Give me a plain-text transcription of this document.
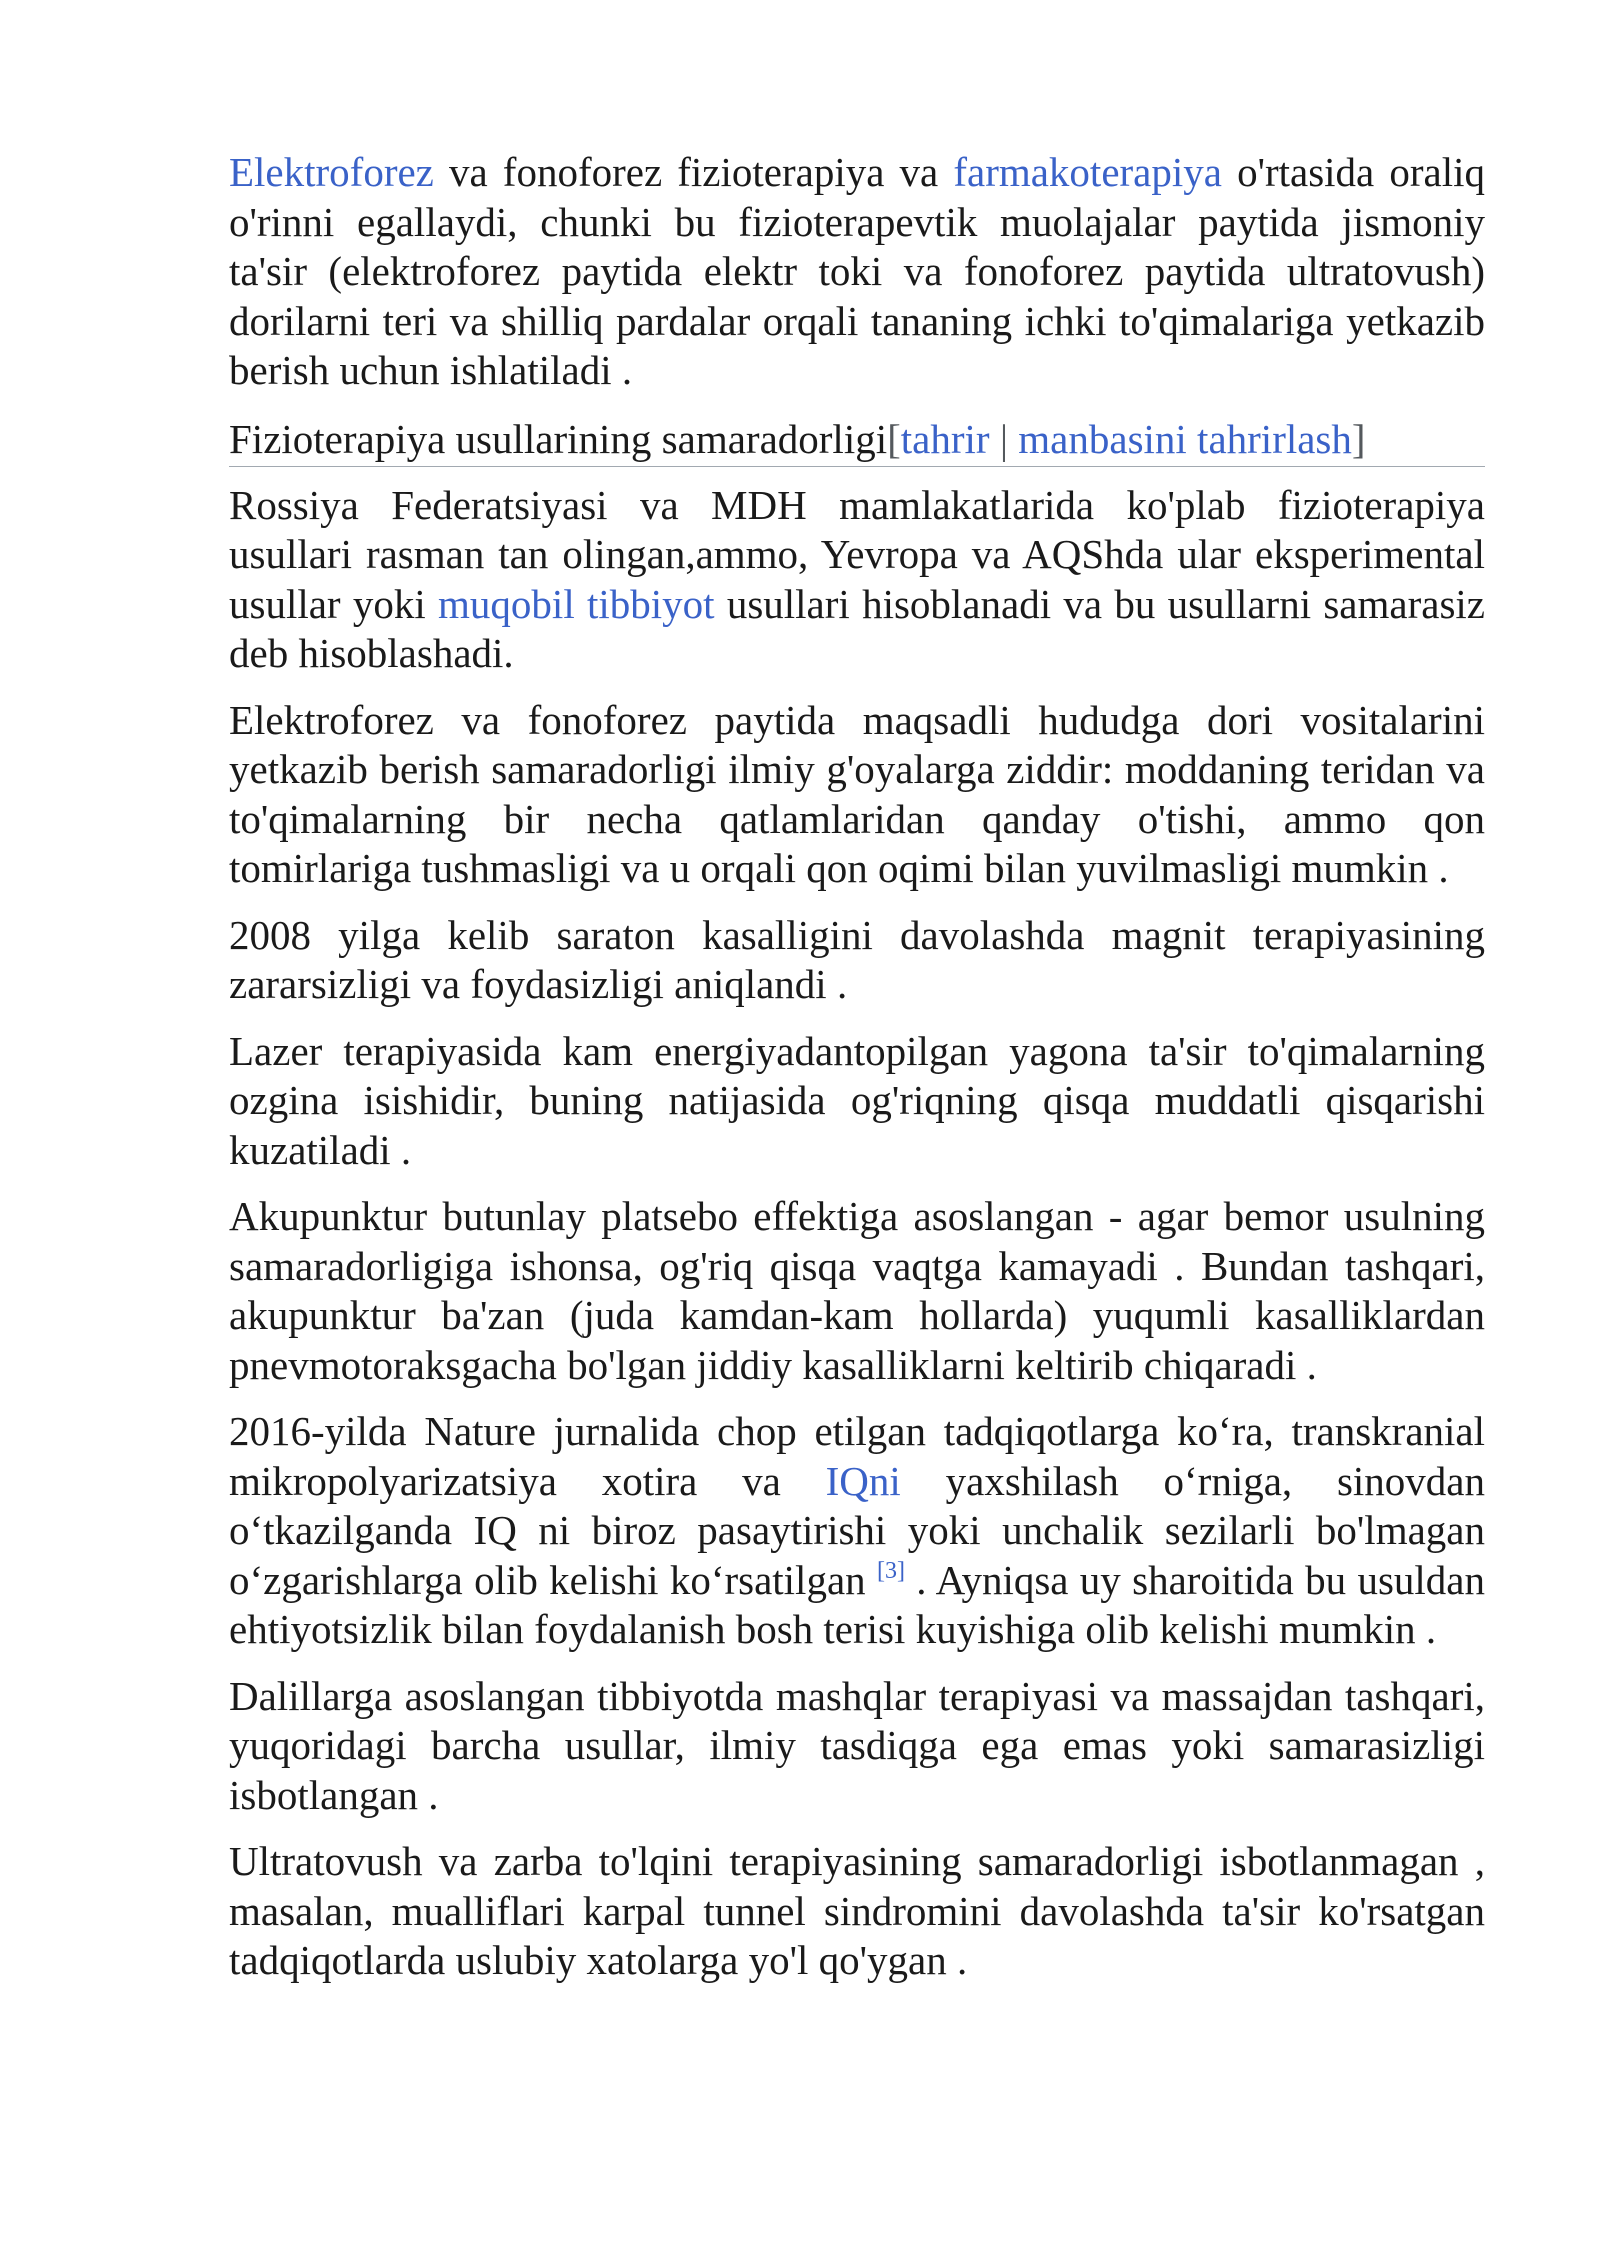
Elektroforez va fonoforez fizioterapiya va farmakoterapiya o'rtasida oraliq o'rinni egallaydi, chunki bu fizioterapevtik muolajalar paytida jismoniy ta'sir (elektroforez paytida elektr toki va fonoforez paytida ultratovush) dorilarni teri va shilliq pardalar orqali tananing ichki to'qimalariga yetkazib berish uchun ishlatiladi .

Fizioterapiya usullarining samaradorligi[tahrir | manbasini tahrirlash]

Rossiya Federatsiyasi va MDH mamlakatlarida ko'plab fizioterapiya usullari rasman tan olingan,ammo, Yevropa va AQShda ular eksperimental usullar yoki muqobil tibbiyot usullari hisoblanadi va bu usullarni samarasiz deb hisoblashadi.

Elektroforez va fonoforez paytida maqsadli hududga dori vositalarini yetkazib berish samaradorligi ilmiy g'oyalarga ziddir: moddaning teridan va to'qimalarning bir necha qatlamlaridan qanday o'tishi, ammo qon tomirlariga tushmasligi va u orqali qon oqimi bilan yuvilmasligi mumkin .

2008 yilga kelib saraton kasalligini davolashda magnit terapiyasining zararsizligi va foydasizligi aniqlandi .

Lazer terapiyasida kam energiyadantopilgan yagona ta'sir to'qimalarning ozgina isishidir, buning natijasida og'riqning qisqa muddatli qisqarishi kuzatiladi .

Akupunktur butunlay platsebo effektiga asoslangan - agar bemor usulning samaradorligiga ishonsa, og'riq qisqa vaqtga kamayadi . Bundan tashqari, akupunktur ba'zan (juda kamdan-kam hollarda) yuqumli kasalliklardan pnevmotoraksgacha bo'lgan jiddiy kasalliklarni keltirib chiqaradi .

2016-yilda Nature jurnalida chop etilgan tadqiqotlarga ko‘ra, transkranial mikropolyarizatsiya xotira va IQni yaxshilash o‘rniga, sinovdan o‘tkazilganda IQ ni biroz pasaytirishi yoki unchalik sezilarli bo'lmagan o‘zgarishlarga olib kelishi ko‘rsatilgan [3] . Ayniqsa uy sharoitida bu usuldan ehtiyotsizlik bilan foydalanish bosh terisi kuyishiga olib kelishi mumkin .

Dalillarga asoslangan tibbiyotda mashqlar terapiyasi va massajdan tashqari, yuqoridagi barcha usullar, ilmiy tasdiqga ega emas yoki samarasizligi isbotlangan .

Ultratovush va zarba to'lqini terapiyasining samaradorligi isbotlanmagan , masalan, mualliflari karpal tunnel sindromini davolashda ta'sir ko'rsatgan tadqiqotlarda uslubiy xatolarga yo'l qo'ygan .
